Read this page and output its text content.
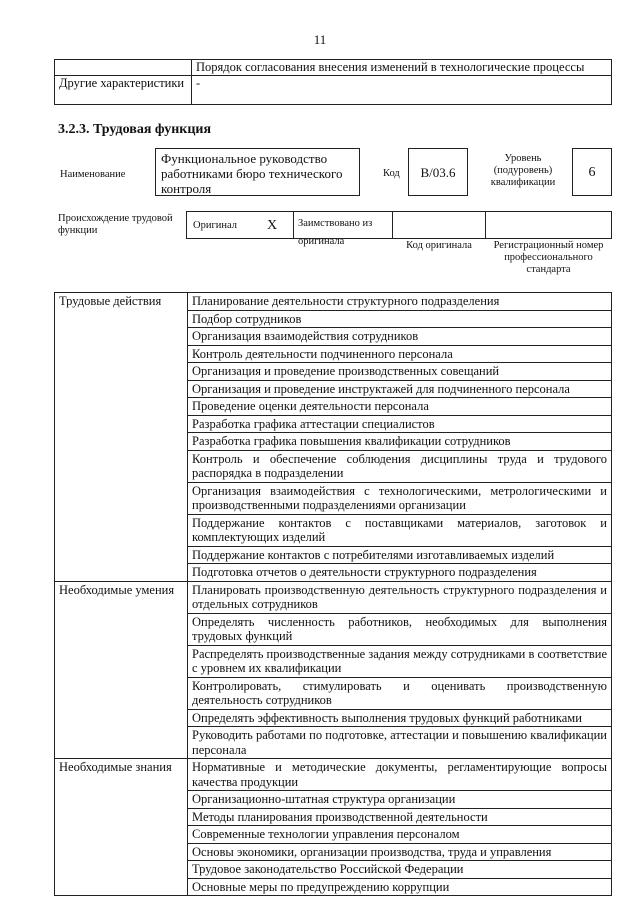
11
	Порядок согласования внесения изменений в технологические процессы
Другие характеристики	-
3.2.3. Трудовая функция
Наименование
Функциональное руководство работниками бюро технического контроля
Код	В/03.6
Уровень (подуровень) квалификации
6
Происхождение трудовой функции	Оригинал X	Заимствовано из оригинала	Код оригинала	Регистрационный номер профессионального стандарта
Трудовые действия	Планирование деятельности структурного подразделения
	Подбор сотрудников
	Организация взаимодействия сотрудников
	Контроль деятельности подчиненного персонала
	Организация и проведение производственных совещаний
	Организация и проведение инструктажей для подчиненного персонала
	Проведение оценки деятельности персонала
	Разработка графика аттестации специалистов
	Разработка графика повышения квалификации сотрудников
	Контроль и обеспечение соблюдения дисциплины труда и трудового распорядка в подразделении
	Организация взаимодействия с технологическими, метрологическими и производственными подразделениями организации
	Поддержание контактов с поставщиками материалов, заготовок и комплектующих изделий
	Поддержание контактов с потребителями изготавливаемых изделий
	Подготовка отчетов о деятельности структурного подразделения
Необходимые умения	Планировать производственную деятельность структурного подразделения и отдельных сотрудников
	Определять численность работников, необходимых для выполнения трудовых функций
	Распределять производственные задания между сотрудниками в соответствие с уровнем их квалификации
	Контролировать, стимулировать и оценивать производственную деятельность сотрудников
	Определять эффективность выполнения трудовых функций работниками
	Руководить работами по подготовке, аттестации и повышению квалификации персонала
Необходимые знания	Нормативные и методические документы, регламентирующие вопросы качества продукции
	Организационно-штатная структура организации
	Методы планирования производственной деятельности
	Современные технологии управления персоналом
	Основы экономики, организации производства, труда и управления
	Трудовое законодательство Российской Федерации
	Основные меры по предупреждению коррупции
